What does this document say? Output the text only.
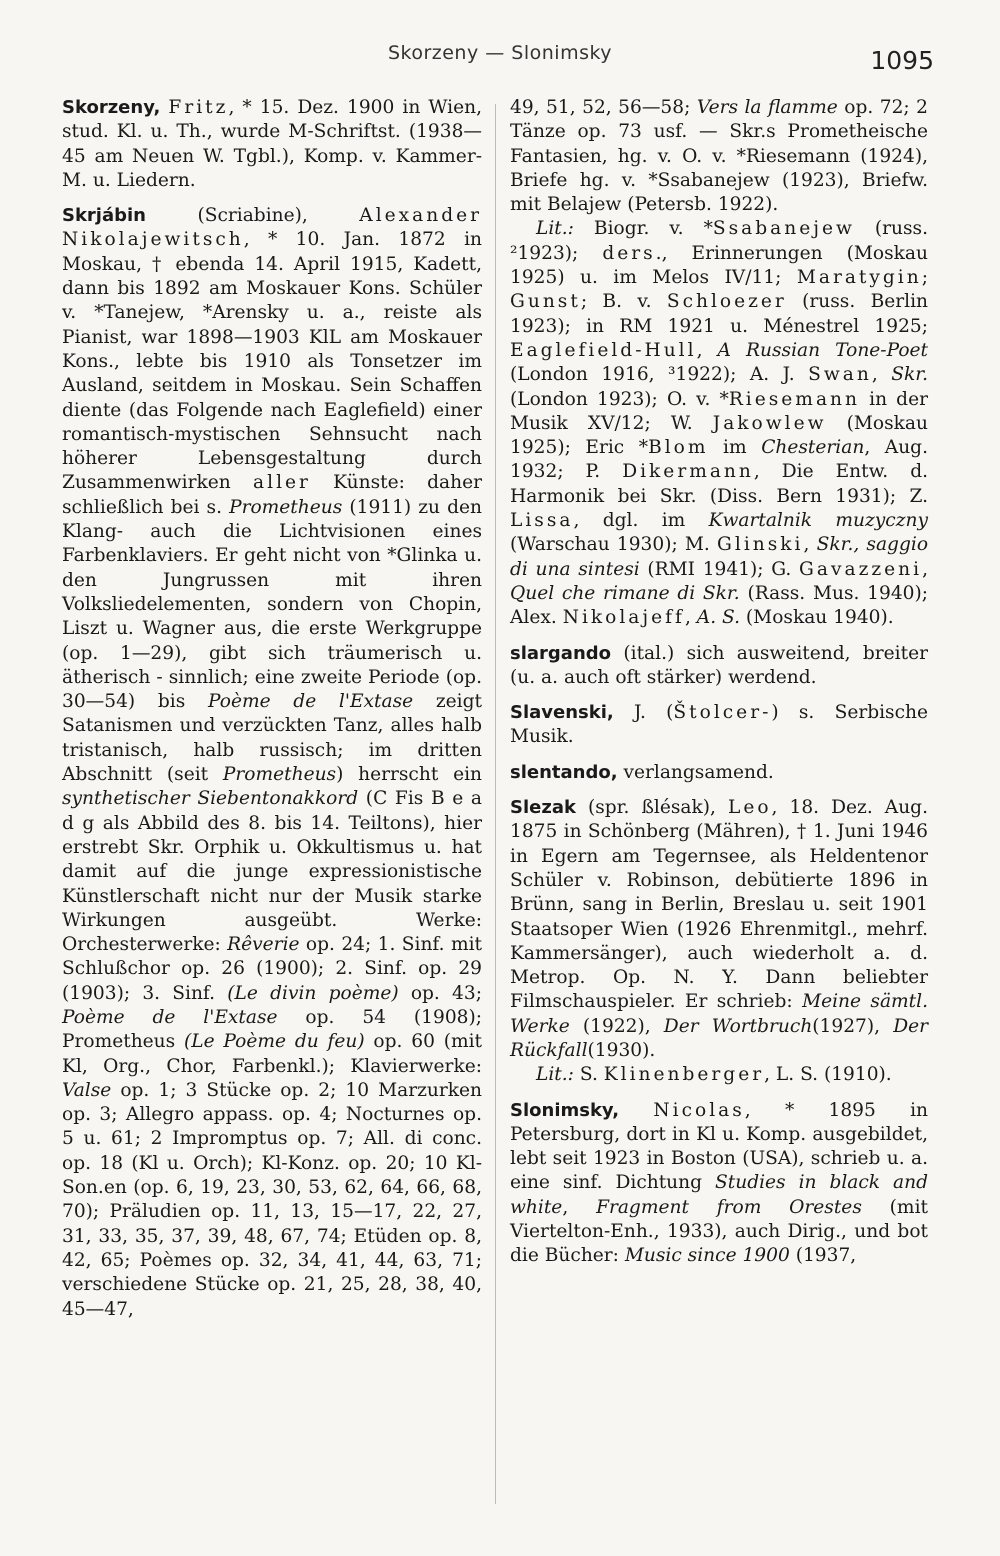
Skorzeny — Slonimsky	1095
Skorzeny, Fritz, * 15. Dez. 1900 in Wien, stud. Kl. u. Th., wurde M-Schriftst. (1938—45 am Neuen W. Tgbl.), Komp. v. Kammer-M. u. Liedern.
Skrjábin (Scriabine), Alexander Nikolajewitsch, * 10. Jan. 1872 in Moskau, † ebenda 14. April 1915, Kadett, dann bis 1892 am Moskauer Kons. Schüler v. *Tanejew, *Arensky u. a., reiste als Pianist, war 1898—1903 KlL am Moskauer Kons., lebte bis 1910 als Tonsetzer im Ausland, seitdem in Moskau. Sein Schaffen diente (das Folgende nach Eaglefield) einer romantisch-mystischen Sehnsucht nach höherer Lebensgestaltung durch Zusammenwirken aller Künste: daher schließlich bei s. Prometheus (1911) zu den Klang- auch die Lichtvisionen eines Farbenklaviers. Er geht nicht von *Glinka u. den Jungrussen mit ihren Volksliedelementen, sondern von Chopin, Liszt u. Wagner aus, die erste Werkgruppe (op. 1—29), gibt sich träumerisch u. ätherisch - sinnlich; eine zweite Periode (op. 30—54) bis Poème de l'Extase zeigt Satanismen und verzückten Tanz, alles halb tristanisch, halb russisch; im dritten Abschnitt (seit Prometheus) herrscht ein synthetischer Siebentonakkord (C Fis B e a d g als Abbild des 8. bis 14. Teiltons), hier erstrebt Skr. Orphik u. Okkultismus u. hat damit auf die junge expressionistische Künstlerschaft nicht nur der Musik starke Wirkungen ausgeübt. Werke: Orchesterwerke: Rêverie op. 24; 1. Sinf. mit Schlußchor op. 26 (1900); 2. Sinf. op. 29 (1903); 3. Sinf. (Le divin poème) op. 43; Poème de l'Extase op. 54 (1908); Prometheus (Le Poème du feu) op. 60 (mit Kl, Org., Chor, Farbenkl.); Klavierwerke: Valse op. 1; 3 Stücke op. 2; 10 Marzurken op. 3; Allegro appass. op. 4; Nocturnes op. 5 u. 61; 2 Impromptus op. 7; All. di conc. op. 18 (Kl u. Orch); Kl-Konz. op. 20; 10 Kl-Son.en (op. 6, 19, 23, 30, 53, 62, 64, 66, 68, 70); Präludien op. 11, 13, 15—17, 22, 27, 31, 33, 35, 37, 39, 48, 67, 74; Etüden op. 8, 42, 65; Poèmes op. 32, 34, 41, 44, 63, 71; verschiedene Stücke op. 21, 25, 28, 38, 40, 45—47,
49, 51, 52, 56—58; Vers la flamme op. 72; 2 Tänze op. 73 usf. — Skr.s Prometheische Fantasien, hg. v. O. v. *Riesemann (1924), Briefe hg. v. *Ssabanejew (1923), Briefw. mit Belajew (Petersb. 1922).
Lit.: Biogr. v. *Ssabanejew (russ. ²1923); ders., Erinnerungen (Moskau 1925) u. im Melos IV/11; Maratygin; Gunst; B. v. Schloezer (russ. Berlin 1923); in RM 1921 u. Ménestrel 1925; Eaglefield-Hull, A Russian Tone-Poet (London 1916, ³1922); A. J. Swan, Skr. (London 1923); O. v. *Riesemann in der Musik XV/12; W. Jakowlew (Moskau 1925); Eric *Blom im Chesterian, Aug. 1932; P. Dikermann, Die Entw. d. Harmonik bei Skr. (Diss. Bern 1931); Z. Lissa, dgl. im Kwartalnik muzyczny (Warschau 1930); M. Glinski, Skr., saggio di una sintesi (RMI 1941); G. Gavazzeni, Quel che rimane di Skr. (Rass. Mus. 1940); Alex. Nikolajeff, A. S. (Moskau 1940).
slargando (ital.) sich ausweitend, breiter (u. a. auch oft stärker) werdend.
Slavenski, J. (Štolcer-) s. Serbische Musik.
slentando, verlangsamend.
Slezak (spr. ßlésak), Leo, 18. Dez. Aug. 1875 in Schönberg (Mähren), † 1. Juni 1946 in Egern am Tegernsee, als Heldentenor Schüler v. Robinson, debütierte 1896 in Brünn, sang in Berlin, Breslau u. seit 1901 Staatsoper Wien (1926 Ehrenmitgl., mehrf. Kammersänger), auch wiederholt a. d. Metrop. Op. N. Y. Dann beliebter Filmschauspieler. Er schrieb: Meine sämtl. Werke (1922), Der Wortbruch(1927), Der Rückfall(1930).
Lit.: S. Klinenberger, L. S. (1910).
Slonimsky, Nicolas, * 1895 in Petersburg, dort in Kl u. Komp. ausgebildet, lebt seit 1923 in Boston (USA), schrieb u. a. eine sinf. Dichtung Studies in black and white, Fragment from Orestes (mit Viertelton-Enh., 1933), auch Dirig., und bot die Bücher: Music since 1900 (1937,
